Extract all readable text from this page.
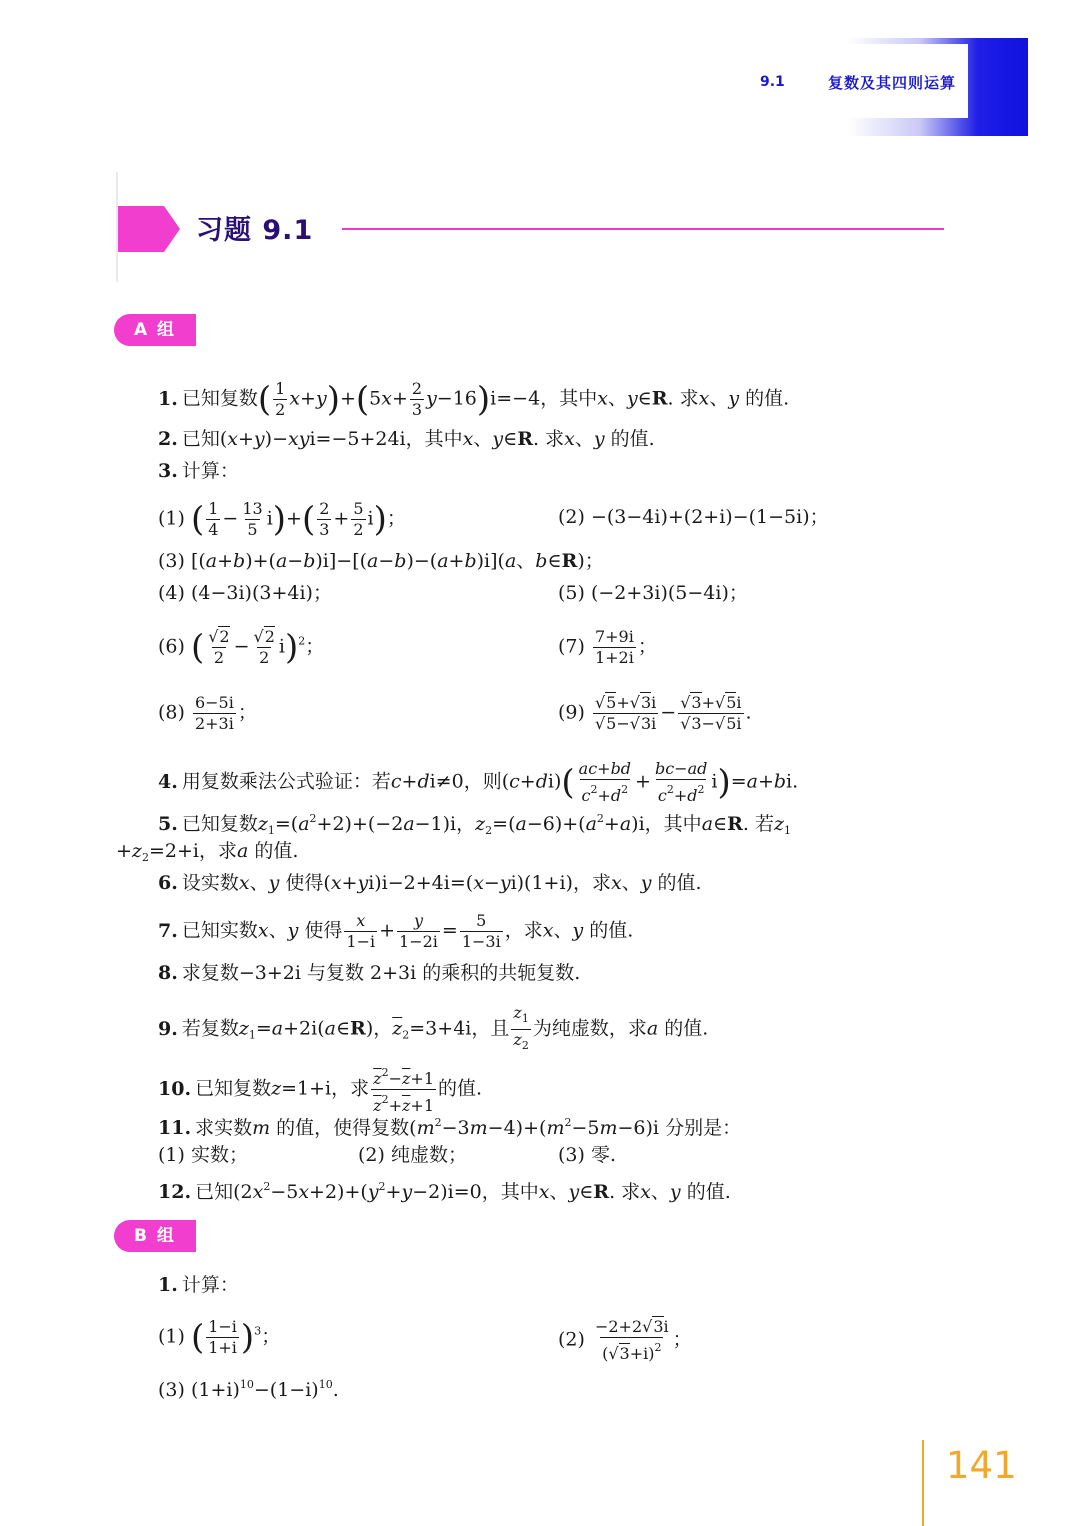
9.1	复数及其四则运算
习题 9.1
A 组
1. 已知复数( $\frac{1}{2} x+y)+(5x+ \frac{2}{3} y-16)i=-4$，其中x、y∈R. 求x、y 的值.
2. 已知(x+y)−xyi=−5+24i，其中x、y∈R. 求x、y 的值.
3. 计算：
(1) ( $\frac{1}{4} - \frac{13}{5} i)+( \frac{2}{3} + \frac{5}{2} i)$；	(2) −(3−4i)+(2+i)−(1−5i)；
(3) [(a+b)+(a−b)i]−[(a−b)−(a+b)i](a、b∈R)；
(4) (4−3i)(3+4i)；	(5) (−2+3i)(5−4i)；
(6) ( $\frac{√2}{2} - \frac{√2}{2} i)^2$；	$(7) \frac{7+9i}{1+2i}$ ；
$(8) \frac{6-5i}{2+3i}$ ；	$(9) \frac{√5+√3i}{√5-√3i} - \frac{√3+√5i}{√3-√5i}$ .
4. 用复数乘法公式验证：若c+di≠0，则$(c+di)( \frac{ac+bd}{c^2+d^2} + \frac{bc-ad}{c^2+d^2} i)=a+bi$.
5. 已知复数$z_1=(a^2+2)+(-2a-1)i$，$z_2=(a-6)+(a^2+a)i$，其中a∈R. 若$z_1$
$+z_2=2+i$，求a 的值.
6. 设实数x、y 使得(x+yi)i−2+4i=(x−yi)(1+i)，求x、y 的值.
7. 已知实数x、y 使得 $\frac{x}{1-i} + \frac{y}{1-2i} = \frac{5}{1-3i}$ ，求x、y 的值.
8. 求复数−3+2i 与复数 2+3i 的乘积的共轭复数.
9. 若复数$z_1=a+2i(a\in R)$，$\overline{z}_2=3+4i$，且 $\frac{z_1}{z_2}$ 为纯虚数，求a 的值.
10. 已知复数z=1+i，求 $\frac{\overline{z}^2-\overline{z}+1}{\overline{z}^2+\overline{z}+1}$ 的值.
11. 求实数m 的值，使得复数$(m^2-3m-4)+(m^2-5m-6)i$ 分别是：
(1) 实数；	(2) 纯虚数；	(3) 零.
12. 已知$(2x^2-5x+2)+(y^2+y-2)i=0$，其中x、y∈R. 求x、y 的值.
B 组
1. 计算：
(1) ( $\frac{1-i}{1+i} )^3$；	$(2) \frac{-2+2√3i}{(√3+i)^2}$ ；
(3) $(1+i)^{10}-(1-i)^{10}$.
141
